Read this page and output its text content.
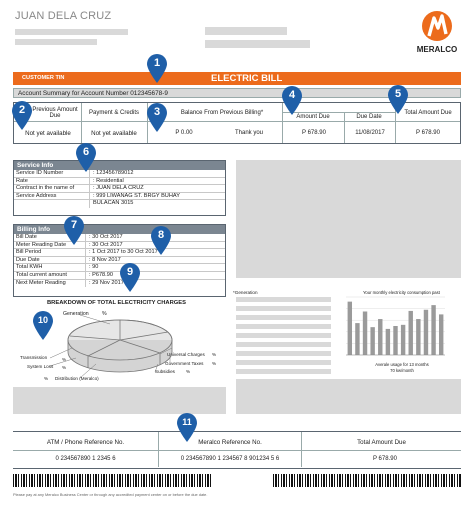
JUAN DELA CRUZ
MERALCO
CUSTOMER TIN	ELECTRIC BILL
Account Summary for Account Number 012345678-9
Previous Amount Due	Payment & Credits	Balance From Previous Billing*
Amount Due	Due Date
Total Amount Due
Not yet available	Not yet available	P 0.00	Thank you	P 678.90	11/08/2017	P 678.90
Service Info
Service ID Number	: 123456789012
Rate	: Residential
Contract in the name of	: JUAN DELA CRUZ
Service Address	: 999 LIWANAG ST. BRGY BUHAY
BULACAN 3015
Billing Info
Bill Date	: 30 Oct 2017
Meter Reading Date	: 30 Oct 2017
Bill Period	: 1 Oct 2017 to 30 Oct 2017
Due Date	: 8 Nov 2017
Total KWH	: 90
Total current amount	: P678.90
Next Meter Reading	: 29 Nov 2017
BREAKDOWN OF TOTAL ELECTRICITY CHARGES
Generation	%
Transmission	%
System Loss %
Distribution (Meralco)
%
Universal Charges %
Government Taxes %
Subsidies %
*Generation	Your monthly electricity consumption past
Averale usage for 13 months
70 kw/month
ATM / Phone Reference No.	Meralco Reference No.	Total Amount Due
0 234567890 1 2345 6	0 234567890 1 234567 8 901234 5 6	P 678.90
Please pay at any Meralco Business Center or through any accredited payment center on or before the due date.
1
2	3
4	5
6
7
8
9
10
11
